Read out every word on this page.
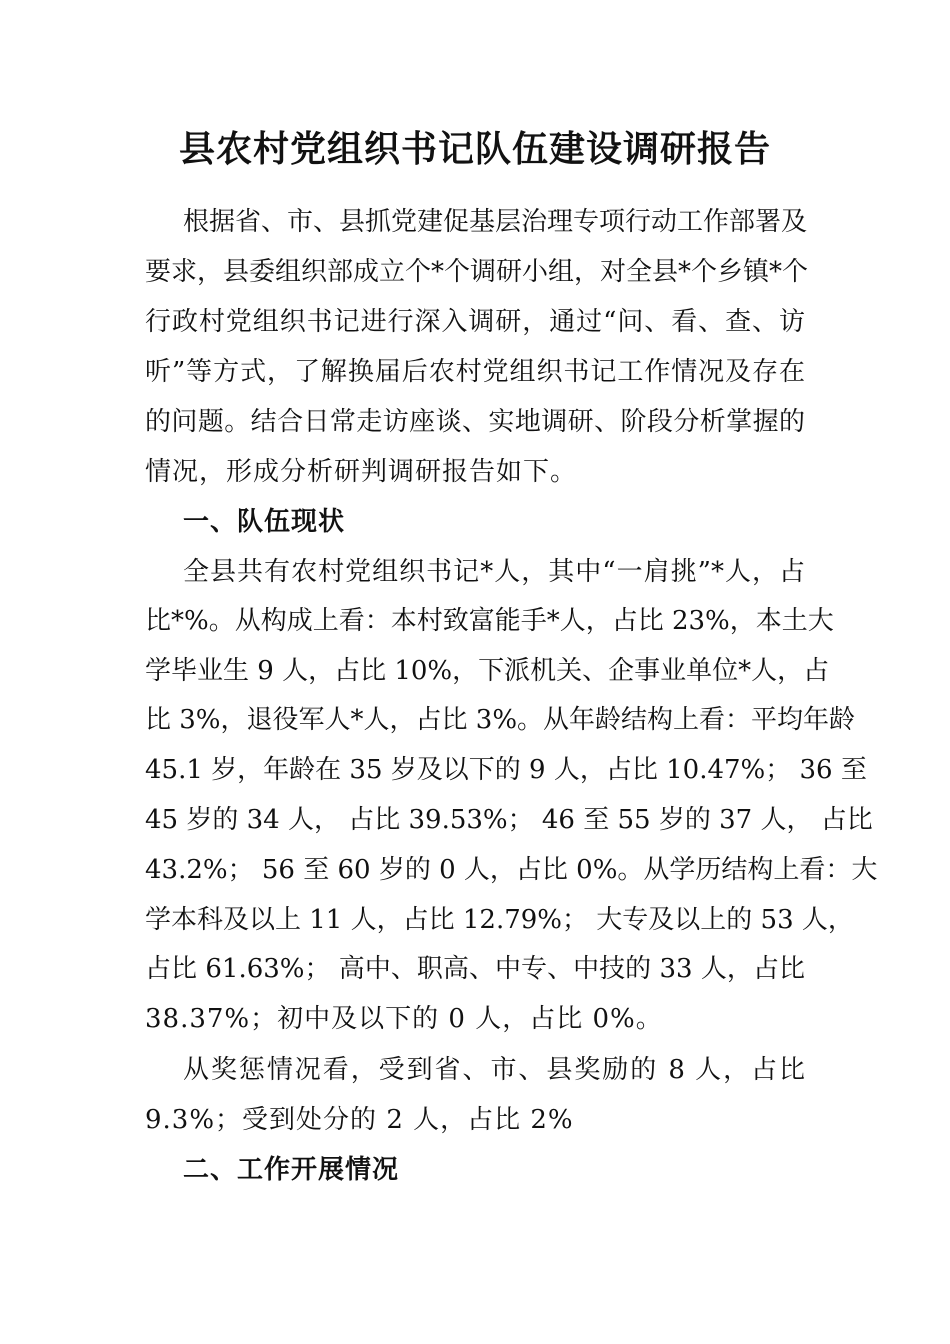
县农村党组织书记队伍建设调研报告
根据省、市、县抓党建促基层治理专项行动工作部署及
要求，县委组织部成立个*个调研小组，对全县*个乡镇*个
行政村党组织书记进行深入调研，通过“问、看、查、访
听”等方式，了解换届后农村党组织书记工作情况及存在
的问题。结合日常走访座谈、实地调研、阶段分析掌握的
情况，形成分析研判调研报告如下。
一、队伍现状
全县共有农村党组织书记*人，其中“一肩挑”*人，占
比*%。从构成上看：本村致富能手*人，占比 23%，本土大
学毕业生 9 人，占比 10%，下派机关、企事业单位*人，占
比 3%，退役军人*人，占比 3%。从年龄结构上看：平均年龄
45.1 岁，年龄在 35 岁及以下的 9 人，占比 10.47%； 36 至
45 岁的 34 人， 占比 39.53%； 46 至 55 岁的 37 人， 占比
43.2%； 56 至 60 岁的 0 人，占比 0%。从学历结构上看：大
学本科及以上 11 人，占比 12.79%； 大专及以上的 53 人，
占比 61.63%； 高中、职高、中专、中技的 33 人，占比
38.37%；初中及以下的 0 人，占比 0%。
从奖惩情况看，受到省、市、县奖励的 8 人，占比
9.3%；受到处分的 2 人，占比 2%
二、工作开展情况
